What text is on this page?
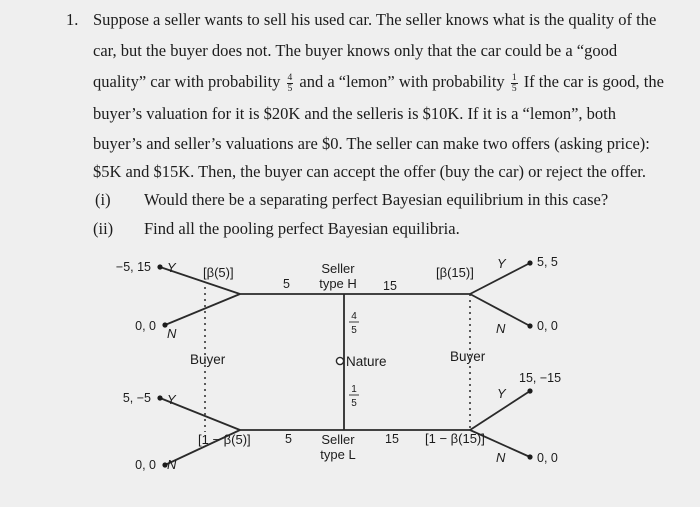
1. Suppose a seller wants to sell his used car. The seller knows what is the quality of the
car, but the buyer does not. The buyer knows only that the car could be a “good
quality” car with probability $\frac{4}{5}$ and a “lemon” with probability $\frac{1}{5}$ If the car is good, the
buyer’s valuation for it is $20K and the selleris is $10K. If it is a “lemon”, both
buyer’s and seller’s valuations are $0. The seller can make two offers (asking price):
$5K and $15K. Then, the buyer can accept the offer (buy the car) or reject the offer.
(i) Would there be a separating perfect Bayesian equilibrium in this case?
(ii) Find all the pooling perfect Bayesian equilibria.
Nature
Seller
type H
Seller
type L
Buyer	Buyer
4
5
1
5
5	15
5	15
[β(5)]
[1 − β(5)]
[β(15)]
[1 − β(15)]
Y
N
Y
N
Y
N
Y
N
−5, 15
0, 0
5, −5
0, 0
5, 5
0, 0
15, −15
0, 0
